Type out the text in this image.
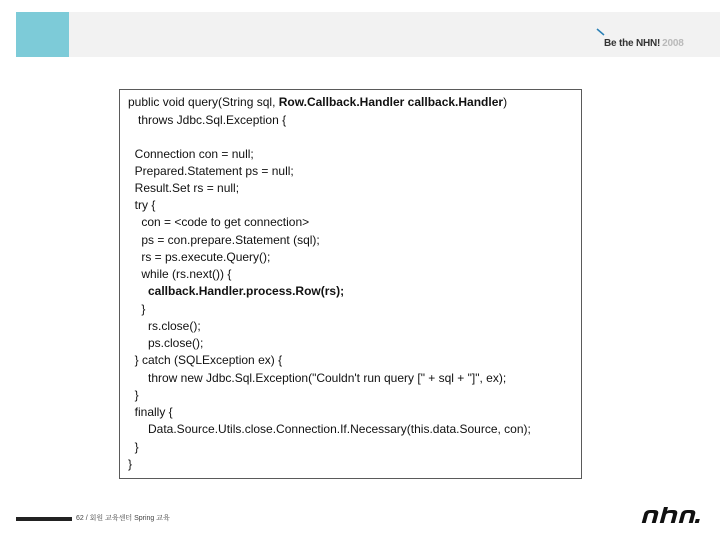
Be the NHN! 2008
public void query(String sql, Row.Callback.Handler callback.Handler)
throws Jdbc.Sql.Exception {
Connection con = null;
Prepared.Statement ps = null;
Result.Set rs = null;
try {
con = <code to get connection>
ps = con.prepare.Statement (sql);
rs = ps.execute.Query();
while (rs.next()) {
callback.Handler.process.Row(rs);
}
rs.close();
ps.close();
} catch (SQLException ex) {
throw new Jdbc.Sql.Exception("Couldn't run query [" + sql + "]", ex);
}
finally {
Data.Source.Utils.close.Connection.If.Necessary(this.data.Source, con);
}
}
62 / 회원 교육센터 Spring 교육
